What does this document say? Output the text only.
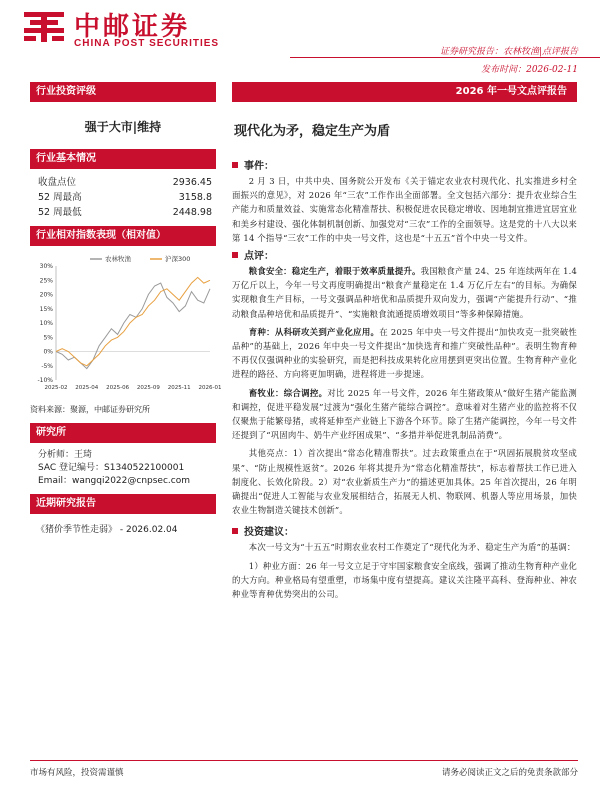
中邮证券
CHINA POST SECURITIES
证券研究报告：农林牧渔|点评报告
发布时间：2026-02-11
行业投资评级
强于大市|维持
行业基本情况
收盘点位	2936.45
52 周最高	3158.8
52 周最低	2448.98
行业相对指数表现（相对值）
30%
25%
20%
15%
10%
5%
0%
-5%
-10%
2025-02 2025-04 2025-06 2025-09 2025-11 2026-01
农林牧渔	沪深300
资料来源：聚源，中邮证券研究所
研究所
分析师：王琦
SAC 登记编号：S1340522100001
Email：wangqi2022@cnpsec.com
近期研究报告
《猪价季节性走弱》 - 2026.02.04
2026 年一号文点评报告
现代化为矛，稳定生产为盾
事件：

2 月 3 日，中共中央、国务院公开发布《关于锚定农业农村现代化、扎实推进乡村全面振兴的意见》，对 2026 年“三农”工作作出全面部署。全文包括六部分：提升农业综合生产能力和质量效益、实施常态化精准帮扶、积极促进农民稳定增收、因地制宜推进宜居宜业和美乡村建设、强化体制机制创新、加强党对“三农”工作的全面领导。这是党的十八大以来第 14 个指导“三农”工作的中央一号文件，这也是“十五五”首个中央一号文件。

点评：

粮食安全：稳定生产，着眼于效率质量提升。我国粮食产量 24、25 年连续两年在 1.4 万亿斤以上，今年一号文再度明确提出“粮食产量稳定在 1.4 万亿斤左右”的目标。为确保实现粮食生产目标，一号文强调品种培优和品质提升双向发力，强调“产能提升行动”、“推动粮食品种培优和品质提升”、“实施粮食流通提质增效项目”等多种保障措施。

育种：从科研攻关到产业化应用。在 2025 年中央一号文件提出“加快攻克一批突破性品种”的基础上，2026 年中央一号文件提出“加快选育和推广突破性品种”。表明生物育种不再仅仅强调种业的实验研究，而是把科技成果转化应用摆到更突出位置。生物育种产业化进程的路径、方向将更加明确，进程将进一步提速。

畜牧业：综合调控。对比 2025 年一号文件，2026 年生猪政策从“做好生猪产能监测和调控，促进平稳发展”过渡为“强化生猪产能综合调控”。意味着对生猪产业的监控将不仅仅聚焦于能繁母猪，或将延伸至产业链上下游各个环节。除了生猪产能调控，今年一号文件还提到了“巩固肉牛、奶牛产业纾困成果”、“多措并举促进乳制品消费”。

其他亮点：1）首次提出“常态化精准帮扶”。过去政策重点在于“巩固拓展脱贫攻坚成果”、“防止规模性返贫”。2026 年将其提升为“常态化精准帮扶”，标志着帮扶工作已进入制度化、长效化阶段。2）对“农业新质生产力”的描述更加具体。25 年首次提出，26 年明确提出“促进人工智能与农业发展相结合，拓展无人机、物联网、机器人等应用场景，加快农业生物制造关键技术创新”。

投资建议：

本次一号文为“十五五”时期农业农村工作奠定了“现代化为矛、稳定生产为盾”的基调：

1）种业方面：26 年一号文立足于守牢国家粮食安全底线，强调了推动生物育种产业化的大方向。种业格局有望重塑，市场集中度有望提高。建议关注隆平高科、登海种业、神农种业等育种优势突出的公司。

市场有风险，投资需谨慎	请务必阅读正文之后的免责条款部分
